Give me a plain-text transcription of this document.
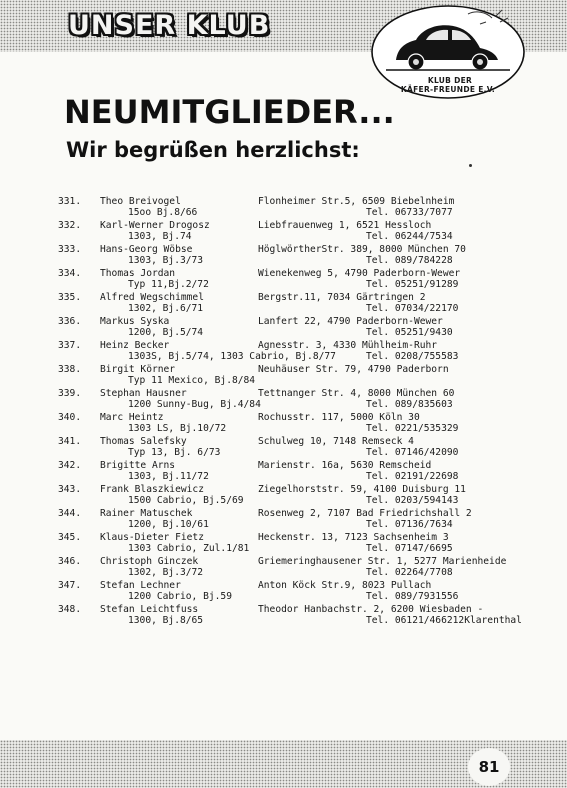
UNSER KLUB
KLUB DER
KÄFER-FREUNDE E.V.
NEUMITGLIEDER...
Wir begrüßen herzlichst:
331. Theo Breivogel
15oo Bj.8/66
Flonheimer Str.5, 6509 Biebelnheim
Tel. 06733/7077
332. Karl-Werner Drogosz
1303, Bj.74
Liebfrauenweg 1, 6521 Hessloch
Tel. 06244/7534
333. Hans-Georg Wöbse
1303, Bj.3/73
HöglwörtherStr. 389, 8000 München 70
Tel. 089/784228
334. Thomas Jordan
Typ 11,Bj.2/72
Wienekenweg 5, 4790 Paderborn-Wewer
Tel. 05251/91289
335. Alfred Wegschimmel
1302, Bj.6/71
Bergstr.11, 7034 Gärtringen 2
Tel. 07034/22170
336. Markus Syska
1200, Bj.5/74
Lanfert 22, 4790 Paderborn-Wewer
Tel. 05251/9430
337. Heinz Becker
1303S, Bj.5/74, 1303 Cabrio, Bj.8/77
Agnesstr. 3, 4330 Mühlheim-Ruhr
Tel. 0208/755583
338. Birgit Körner
Typ 11 Mexico, Bj.8/84
Neuhäuser Str. 79, 4790 Paderborn
339. Stephan Hausner
1200 Sunny-Bug, Bj.4/84
Tettnanger Str. 4, 8000 München 60
Tel. 089/835603
340. Marc Heintz
1303 LS, Bj.10/72
Rochusstr. 117, 5000 Köln 30
Tel. 0221/535329
341. Thomas Salefsky
Typ 13, Bj. 6/73
Schulweg 10, 7148 Remseck 4
Tel. 07146/42090
342. Brigitte Arns
1303, Bj.11/72
Marienstr. 16a, 5630 Remscheid
Tel. 02191/22698
343. Frank Blaszkiewicz
1500 Cabrio, Bj.5/69
Ziegelhorststr. 59, 4100 Duisburg 11
Tel. 0203/594143
344. Rainer Matuschek
1200, Bj.10/61
Rosenweg 2, 7107 Bad Friedrichshall 2
Tel. 07136/7634
345. Klaus-Dieter Fietz
1303 Cabrio, Zul.1/81
Heckenstr. 13, 7123 Sachsenheim 3
Tel. 07147/6695
346. Christoph Ginczek
1302, Bj.3/72
Griemeringhausener Str. 1, 5277 Marienheide
Tel. 02264/7708
347. Stefan Lechner
1200 Cabrio, Bj.59
Anton Köck Str.9, 8023 Pullach
Tel. 089/7931556
348. Stefan Leichtfuss
1300, Bj.8/65
Theodor Hanbachstr. 2, 6200 Wiesbaden -
Tel. 06121/466212Klarenthal
81
